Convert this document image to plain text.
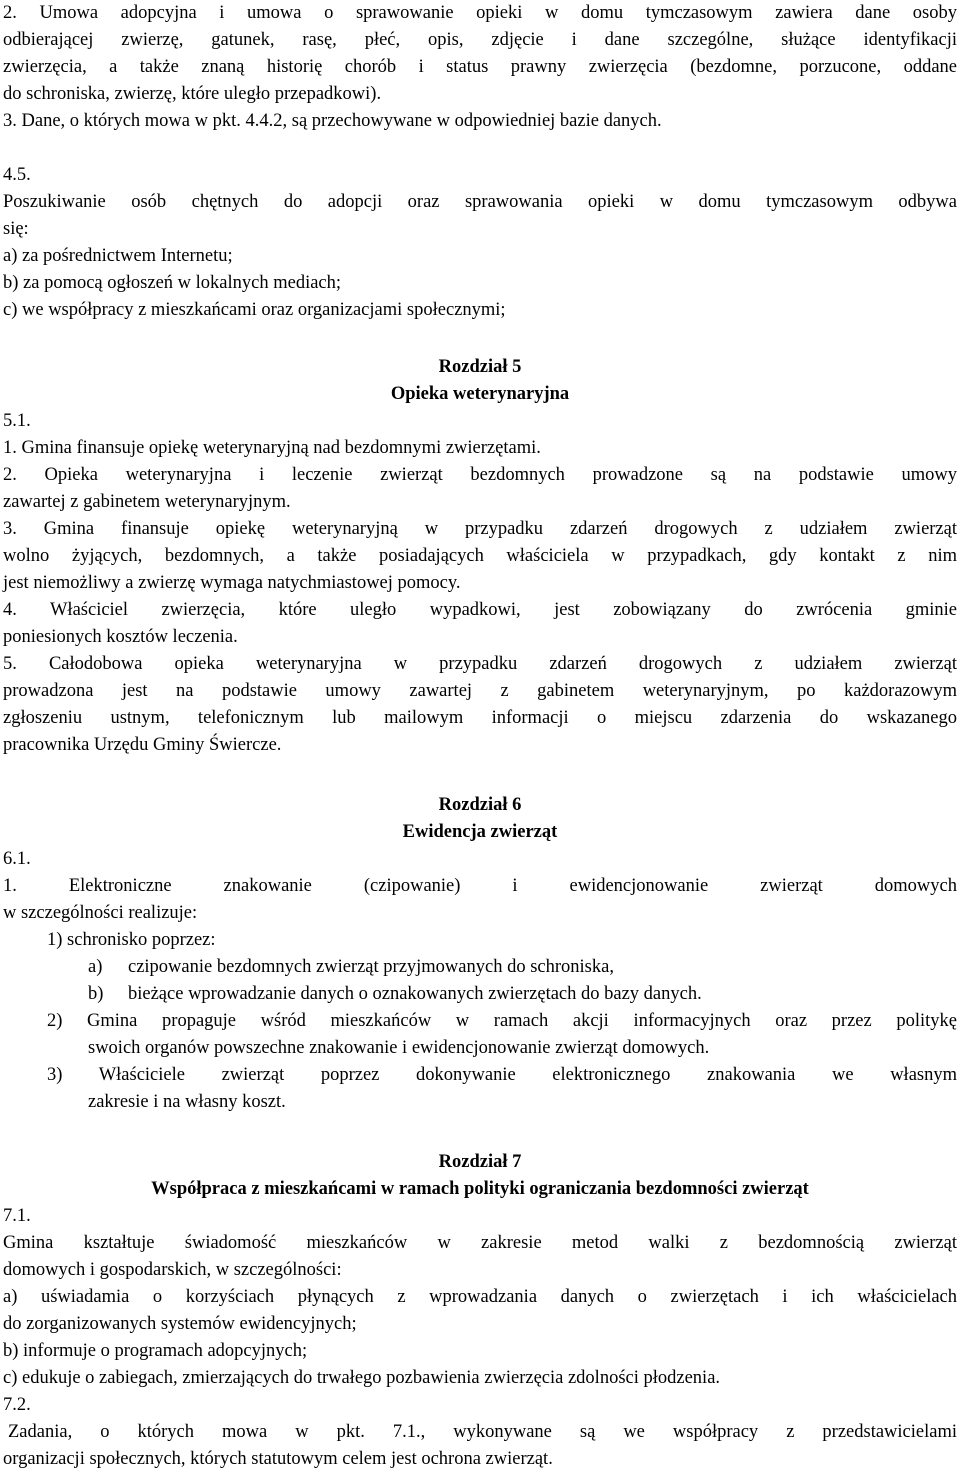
2. Umowa adopcyjna i umowa o sprawowanie opieki w domu tymczasowym zawiera dane osoby
odbierającej zwierzę, gatunek, rasę, płeć, opis, zdjęcie i dane szczególne, służące identyfikacji
zwierzęcia, a także znaną historię chorób i status prawny zwierzęcia (bezdomne, porzucone, oddane
do schroniska, zwierzę, które uległo przepadkowi).
3. Dane, o których mowa w pkt. 4.4.2, są przechowywane w odpowiedniej bazie danych.
4.5.
Poszukiwanie osób chętnych do adopcji oraz sprawowania opieki w domu tymczasowym odbywa
się:
a) za pośrednictwem Internetu;
b) za pomocą ogłoszeń w lokalnych mediach;
c) we współpracy z mieszkańcami oraz organizacjami społecznymi;
Rozdział 5
Opieka weterynaryjna
5.1.
1. Gmina finansuje opiekę weterynaryjną nad bezdomnymi zwierzętami.
2. Opieka weterynaryjna i leczenie zwierząt bezdomnych prowadzone są na podstawie umowy
zawartej z gabinetem weterynaryjnym.
3. Gmina finansuje opiekę weterynaryjną w przypadku zdarzeń drogowych z udziałem zwierząt
wolno żyjących, bezdomnych, a także posiadających właściciela w przypadkach, gdy kontakt z nim
jest niemożliwy a zwierzę wymaga natychmiastowej pomocy.
4. Właściciel zwierzęcia, które uległo wypadkowi, jest zobowiązany do zwrócenia gminie
poniesionych kosztów leczenia.
5. Całodobowa opieka weterynaryjna w przypadku zdarzeń drogowych z udziałem zwierząt
prowadzona jest na podstawie umowy zawartej z gabinetem weterynaryjnym, po każdorazowym
zgłoszeniu ustnym, telefonicznym lub mailowym informacji o miejscu zdarzenia do wskazanego
pracownika Urzędu Gminy Świercze.
Rozdział 6
Ewidencja zwierząt
6.1.
1. Elektroniczne znakowanie (czipowanie) i ewidencjonowanie zwierząt domowych
w szczególności realizuje:
1) schronisko poprzez:
a) czipowanie bezdomnych zwierząt przyjmowanych do schroniska,
b) bieżące wprowadzanie danych o oznakowanych zwierzętach do bazy danych.
2) Gmina propaguje wśród mieszkańców w ramach akcji informacyjnych oraz przez politykę
swoich organów powszechne znakowanie i ewidencjonowanie zwierząt domowych.
3) Właściciele zwierząt poprzez dokonywanie elektronicznego znakowania we własnym
zakresie i na własny koszt.
Rozdział 7
Współpraca z mieszkańcami w ramach polityki ograniczania bezdomności zwierząt
7.1.
Gmina kształtuje świadomość mieszkańców w zakresie metod walki z bezdomnością zwierząt
domowych i gospodarskich, w szczególności:
a) uświadamia o korzyściach płynących z wprowadzania danych o zwierzętach i ich właścicielach
do zorganizowanych systemów ewidencyjnych;
b) informuje o programach adopcyjnych;
c) edukuje o zabiegach, zmierzających do trwałego pozbawienia zwierzęcia zdolności płodzenia.
7.2.
Zadania, o których mowa w pkt. 7.1., wykonywane są we współpracy z przedstawicielami
organizacji społecznych, których statutowym celem jest ochrona zwierząt.
